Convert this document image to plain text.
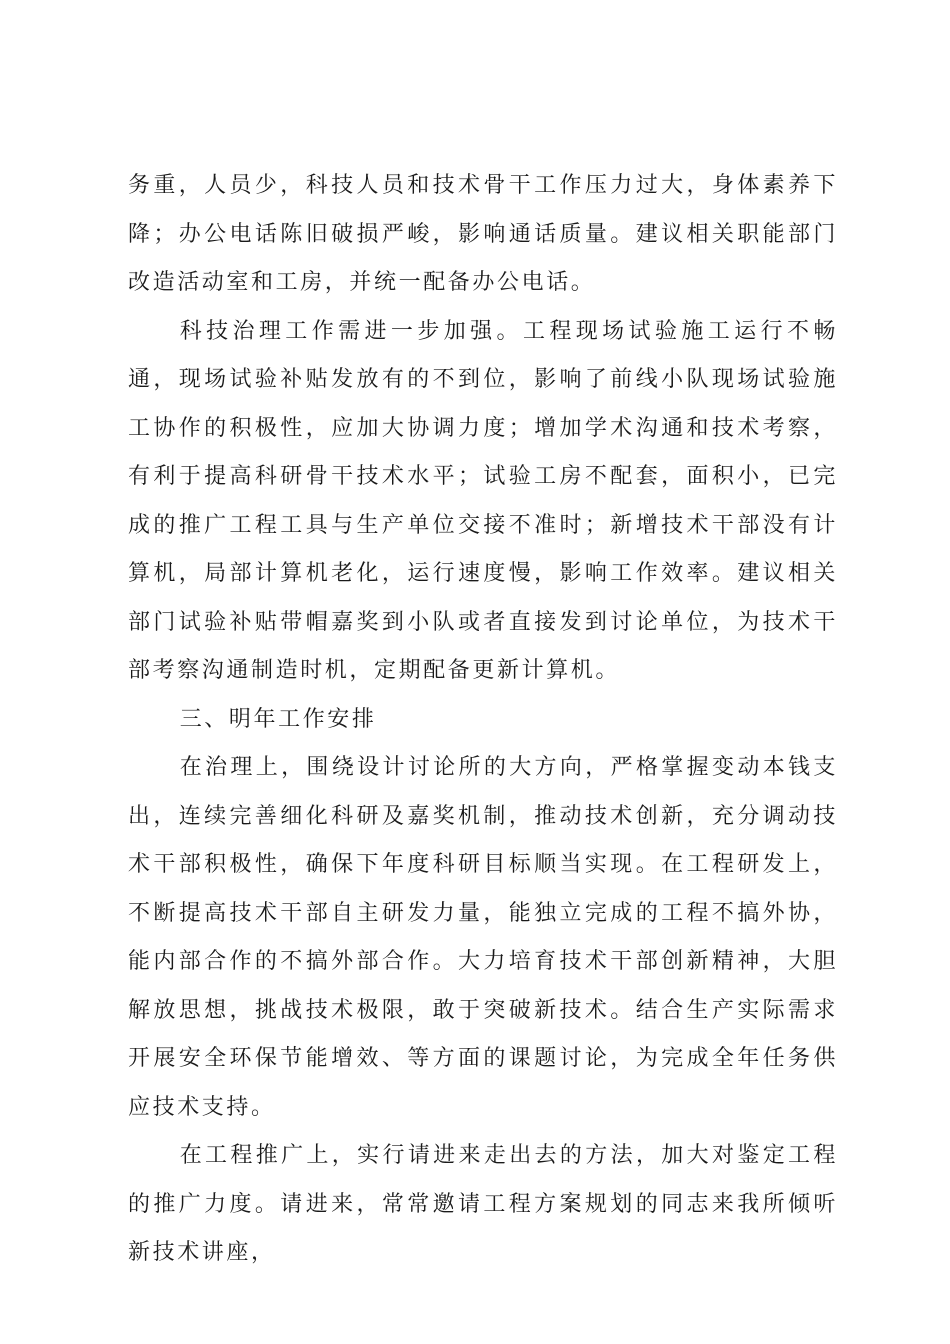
务重，人员少，科技人员和技术骨干工作压力过大，身体素养下降；办公电话陈旧破损严峻，影响通话质量。建议相关职能部门改造活动室和工房，并统一配备办公电话。

科技治理工作需进一步加强。工程现场试验施工运行不畅通，现场试验补贴发放有的不到位，影响了前线小队现场试验施工协作的积极性，应加大协调力度；增加学术沟通和技术考察，有利于提高科研骨干技术水平；试验工房不配套，面积小，已完成的推广工程工具与生产单位交接不准时；新增技术干部没有计算机，局部计算机老化，运行速度慢，影响工作效率。建议相关部门试验补贴带帽嘉奖到小队或者直接发到讨论单位，为技术干部考察沟通制造时机，定期配备更新计算机。

三、明年工作安排

在治理上，围绕设计讨论所的大方向，严格掌握变动本钱支出，连续完善细化科研及嘉奖机制，推动技术创新，充分调动技术干部积极性，确保下年度科研目标顺当实现。在工程研发上，不断提高技术干部自主研发力量，能独立完成的工程不搞外协，能内部合作的不搞外部合作。大力培育技术干部创新精神，大胆解放思想，挑战技术极限，敢于突破新技术。结合生产实际需求开展安全环保节能增效、等方面的课题讨论，为完成全年任务供应技术支持。

在工程推广上，实行请进来走出去的方法，加大对鉴定工程的推广力度。请进来，常常邀请工程方案规划的同志来我所倾听新技术讲座，
